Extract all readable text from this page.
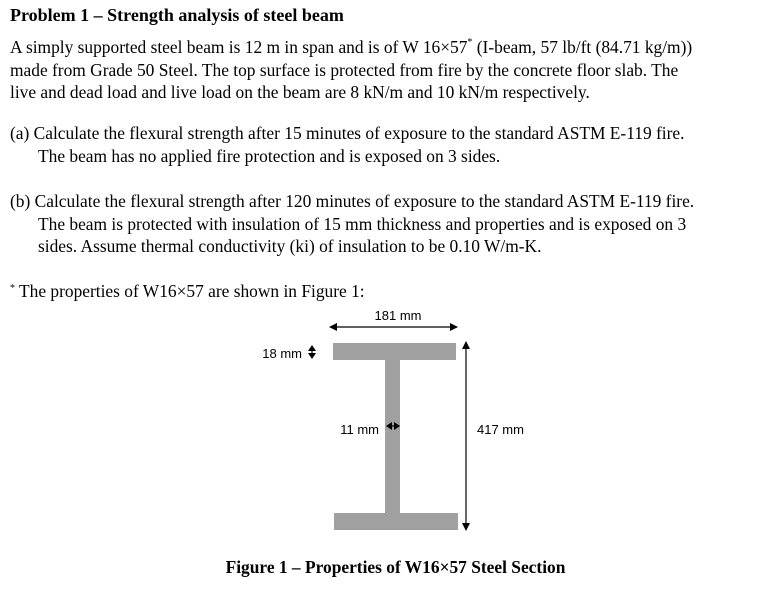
Problem 1 – Strength analysis of steel beam
A simply supported steel beam is 12 m in span and is of W 16×57* (I-beam, 57 lb/ft (84.71 kg/m))
made from Grade 50 Steel. The top surface is protected from fire by the concrete floor slab. The
live and dead load and live load on the beam are 8 kN/m and 10 kN/m respectively.
(a) Calculate the flexural strength after 15 minutes of exposure to the standard ASTM E-119 fire.
The beam has no applied fire protection and is exposed on 3 sides.
(b) Calculate the flexural strength after 120 minutes of exposure to the standard ASTM E-119 fire.
The beam is protected with insulation of 15 mm thickness and properties and is exposed on 3
sides. Assume thermal conductivity (ki) of insulation to be 0.10 W/m-K.
* The properties of W16×57 are shown in Figure 1:
181 mm
18 mm
11 mm	417 mm
Figure 1 – Properties of W16×57 Steel Section
